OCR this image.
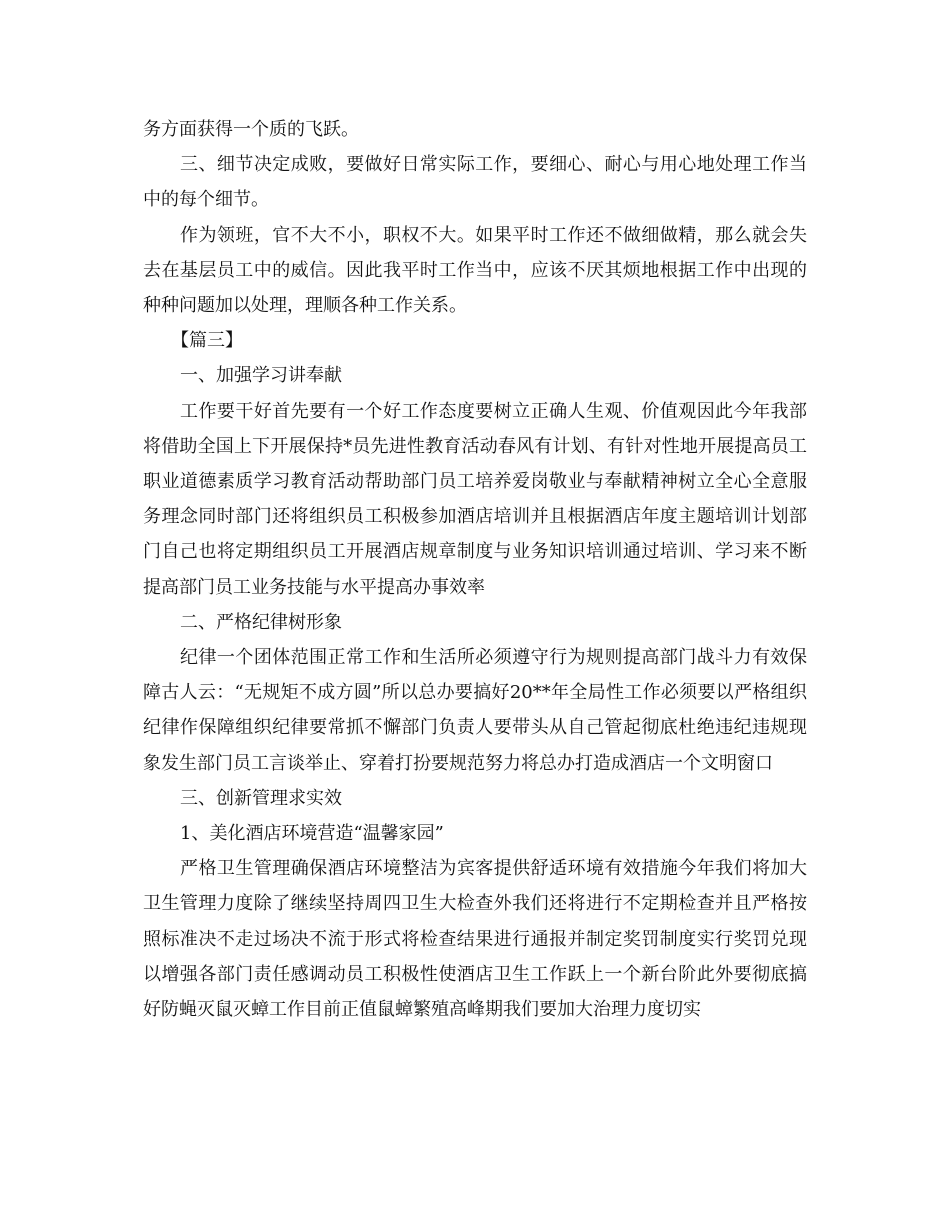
务方面获得一个质的飞跃。

三、细节决定成败，要做好日常实际工作，要细心、耐心与用心地处理工作当中的每个细节。

作为领班，官不大不小，职权不大。如果平时工作还不做细做精，那么就会失去在基层员工中的威信。因此我平时工作当中，应该不厌其烦地根据工作中出现的种种问题加以处理，理顺各种工作关系。

【篇三】

一、加强学习讲奉献

工作要干好首先要有一个好工作态度要树立正确人生观、价值观因此今年我部将借助全国上下开展保持*员先进性教育活动春风有计划、有针对性地开展提高员工职业道德素质学习教育活动帮助部门员工培养爱岗敬业与奉献精神树立全心全意服务理念同时部门还将组织员工积极参加酒店培训并且根据酒店年度主题培训计划部门自己也将定期组织员工开展酒店规章制度与业务知识培训通过培训、学习来不断提高部门员工业务技能与水平提高办事效率

二、严格纪律树形象

纪律一个团体范围正常工作和生活所必须遵守行为规则提高部门战斗力有效保障古人云：“无规矩不成方圆”所以总办要搞好20**年全局性工作必须要以严格组织纪律作保障组织纪律要常抓不懈部门负责人要带头从自己管起彻底杜绝违纪违规现象发生部门员工言谈举止、穿着打扮要规范努力将总办打造成酒店一个文明窗口

三、创新管理求实效

1、美化酒店环境营造“温馨家园”

严格卫生管理确保酒店环境整洁为宾客提供舒适环境有效措施今年我们将加大卫生管理力度除了继续坚持周四卫生大检查外我们还将进行不定期检查并且严格按照标准决不走过场决不流于形式将检查结果进行通报并制定奖罚制度实行奖罚兑现以增强各部门责任感调动员工积极性使酒店卫生工作跃上一个新台阶此外要彻底搞好防蝇灭鼠灭蟑工作目前正值鼠蟑繁殖高峰期我们要加大治理力度切实
